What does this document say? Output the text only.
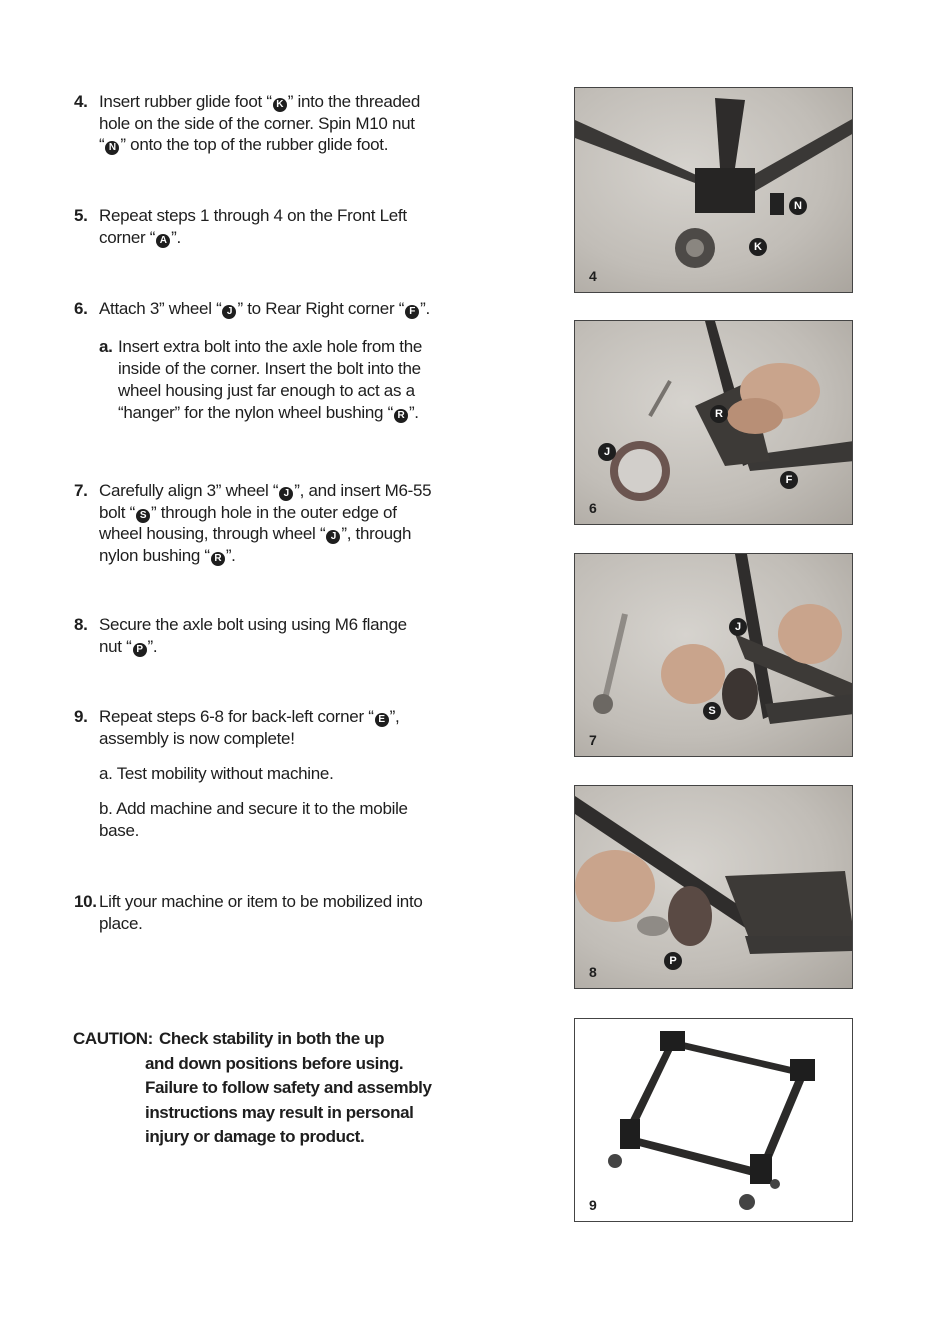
4. Insert rubber glide foot “ K ” into the threaded
hole on the side of the corner. Spin M10 nut
“ N ” onto the top of the rubber glide foot.
5. Repeat steps 1 through 4 on the Front Left
corner “ A ”.
6. Attach 3” wheel “ J ” to Rear Right corner “ F ”.
a. Insert extra bolt into the axle hole from the
inside of the corner. Insert the bolt into the
wheel housing just far enough to act as a
“hanger” for the nylon wheel bushing “ R ”.
7. Carefully align 3” wheel “ J ”, and insert M6-55
bolt “ S ” through hole in the outer edge of
wheel housing, through wheel “ J ”, through
nylon bushing “ R ”.
8. Secure the axle bolt using using M6 flange
nut “ P ”.
9. Repeat steps 6-8 for back-left corner “ E ”,
assembly is now complete!
a. Test mobility without machine.
b. Add machine and secure it to the mobile
base.
10. Lift your machine or item to be mobilized into
place.
CAUTION: Check stability in both the up
and down positions before using.
Failure to follow safety and assembly
instructions may result in personal
injury or damage to product.
N
K
4
R
J
F
6
J
S
7
P
8
9
